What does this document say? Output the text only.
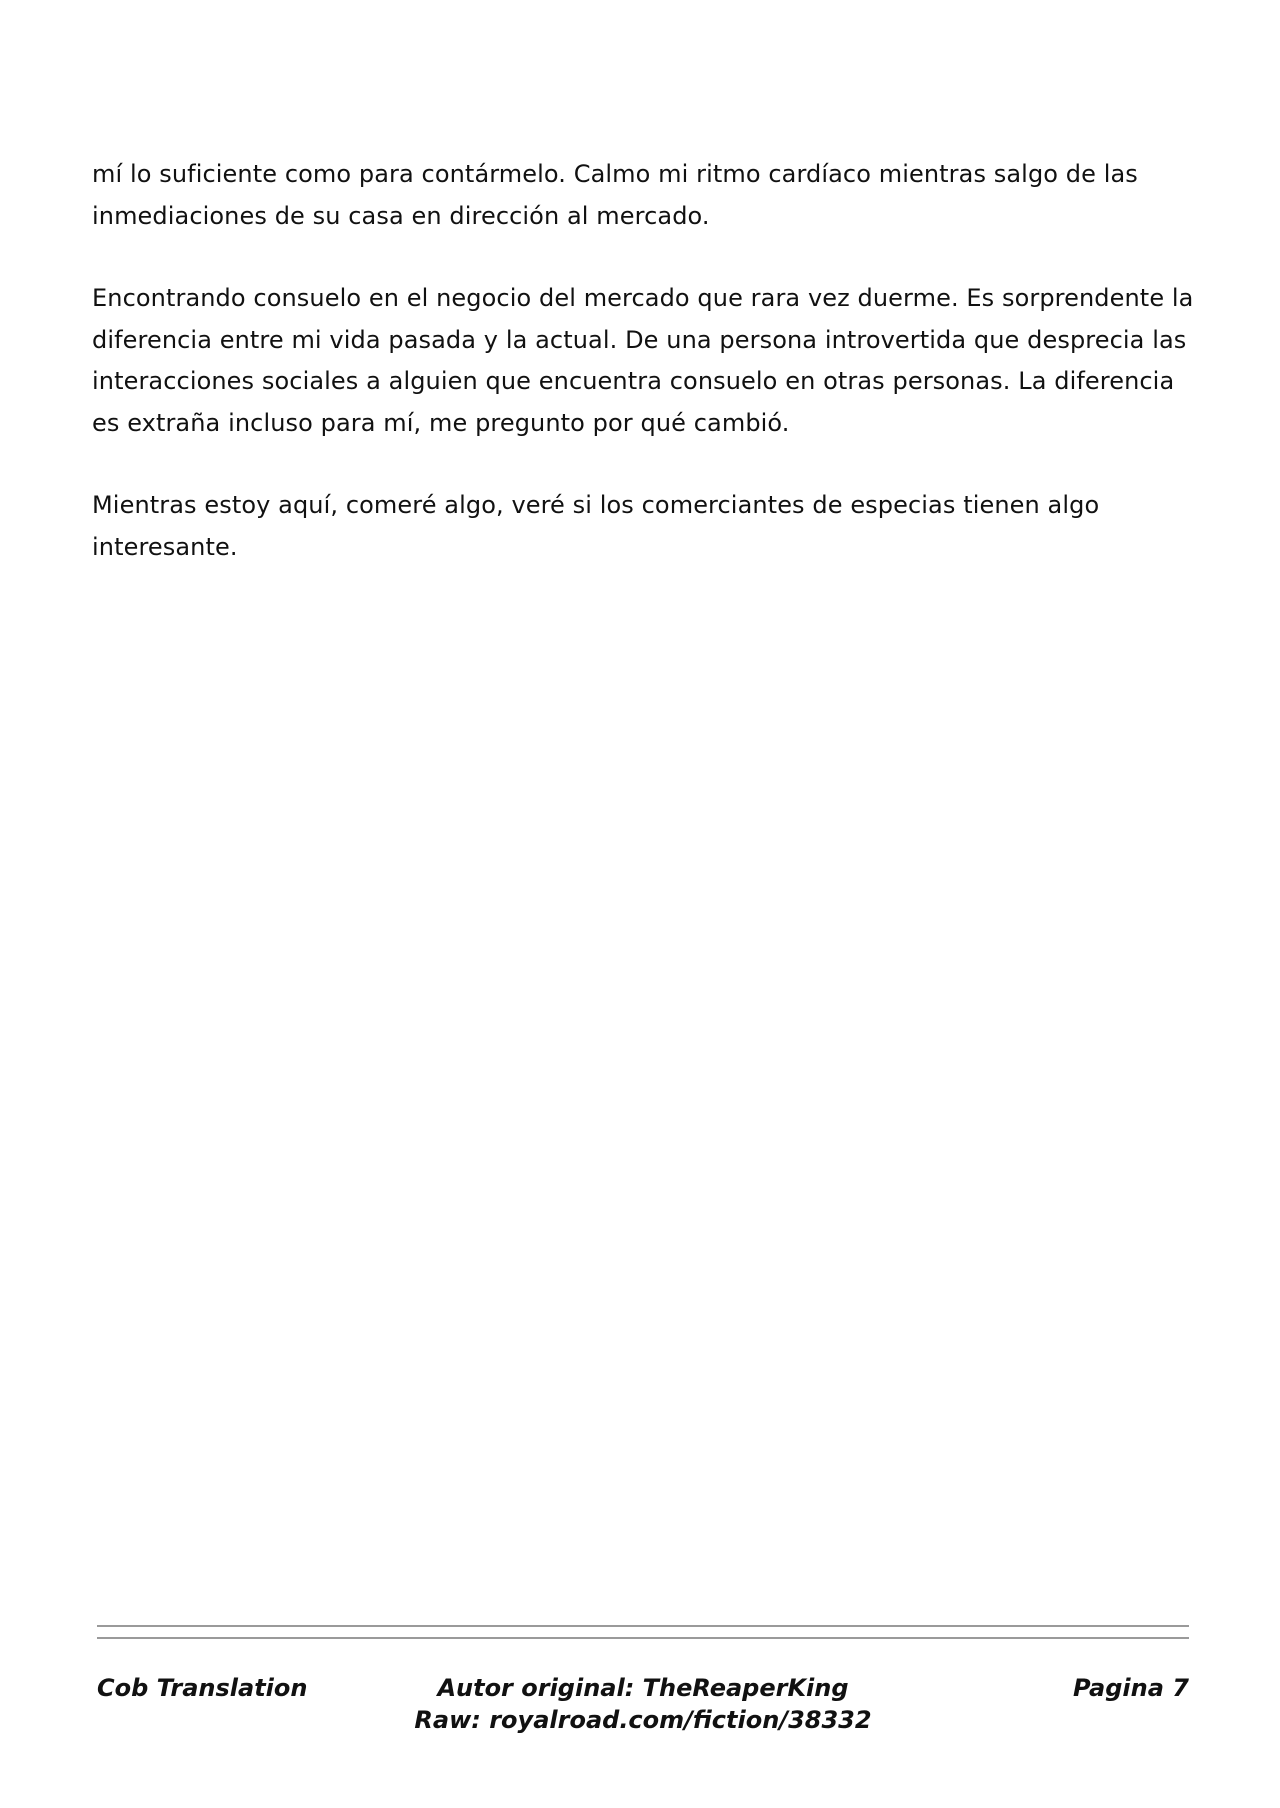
mí lo suficiente como para contármelo. Calmo mi ritmo cardíaco mientras salgo de las inmediaciones de su casa en dirección al mercado.

Encontrando consuelo en el negocio del mercado que rara vez duerme. Es sorprendente la diferencia entre mi vida pasada y la actual. De una persona introvertida que desprecia las interacciones sociales a alguien que encuentra consuelo en otras personas. La diferencia es extraña incluso para mí, me pregunto por qué cambió.

Mientras estoy aquí, comeré algo, veré si los comerciantes de especias tienen algo interesante.

Cob Translation	Autor original: TheReaperKing
Raw: royalroad.com/fiction/38332
Pagina 7
